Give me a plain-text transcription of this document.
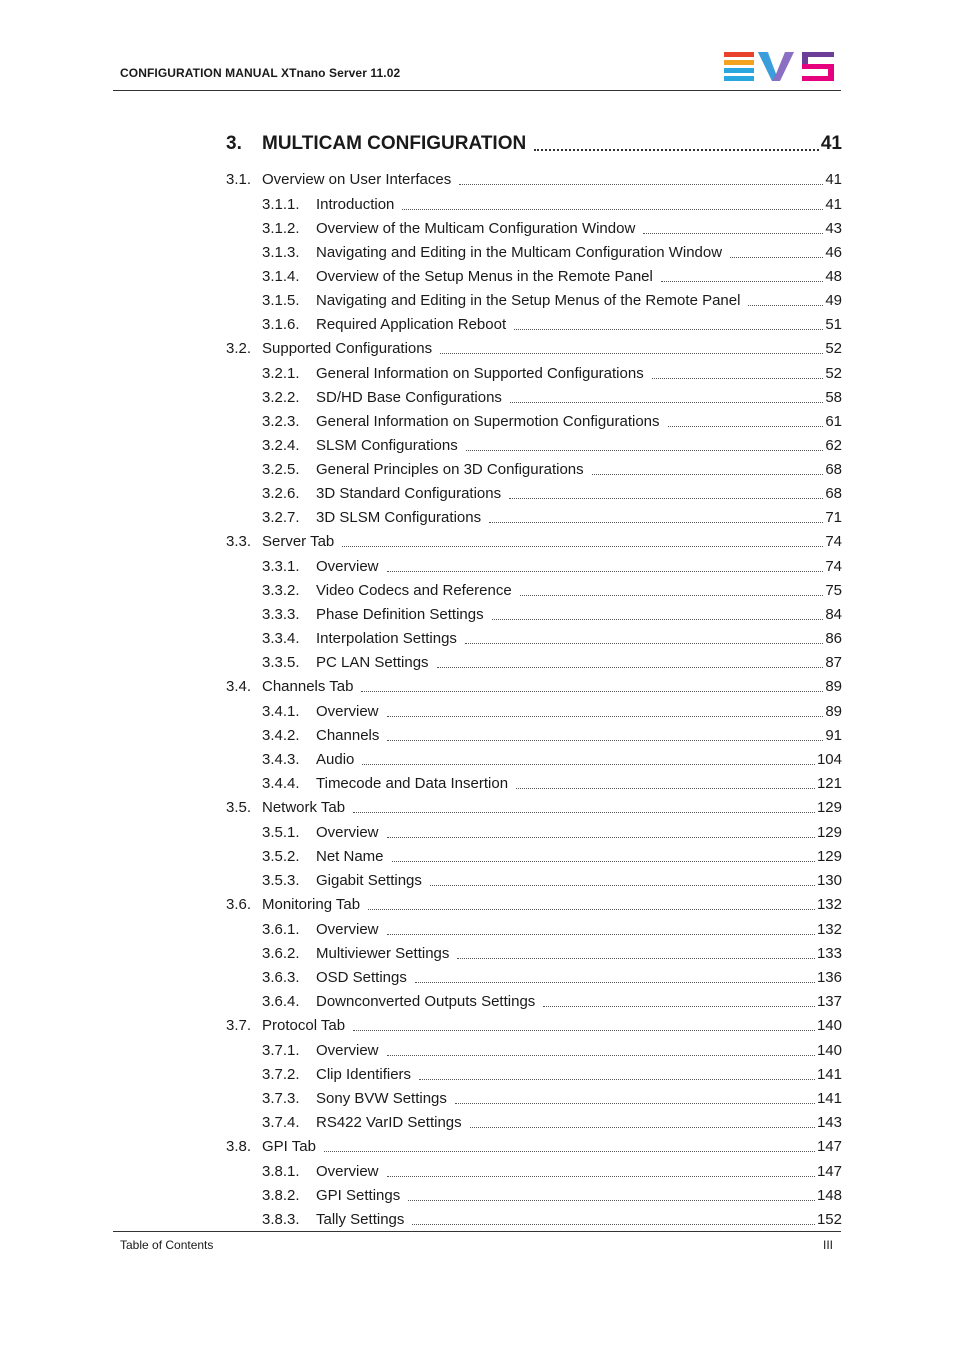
CONFIGURATION MANUAL XTnano Server 11.02
3.	MULTICAM CONFIGURATION	41
3.1. Overview on User Interfaces	41
3.1.1.	Introduction	41
3.1.2.	Overview of the Multicam Configuration Window	43
3.1.3.	Navigating and Editing in the Multicam Configuration Window	46
3.1.4.	Overview of the Setup Menus in the Remote Panel	48
3.1.5.	Navigating and Editing in the Setup Menus of the Remote Panel	49
3.1.6.	Required Application Reboot	51
3.2. Supported Configurations	52
3.2.1.	General Information on Supported Configurations	52
3.2.2.	SD/HD Base Configurations	58
3.2.3.	General Information on Supermotion Configurations	61
3.2.4.	SLSM Configurations	62
3.2.5.	General Principles on 3D Configurations	68
3.2.6.	3D Standard Configurations	68
3.2.7.	3D SLSM Configurations	71
3.3. Server Tab	74
3.3.1.	Overview	74
3.3.2.	Video Codecs and Reference	75
3.3.3.	Phase Definition Settings	84
3.3.4.	Interpolation Settings	86
3.3.5.	PC LAN Settings	87
3.4. Channels Tab	89
3.4.1.	Overview	89
3.4.2.	Channels	91
3.4.3.	Audio	104
3.4.4.	Timecode and Data Insertion	121
3.5. Network Tab	129
3.5.1.	Overview	129
3.5.2.	Net Name	129
3.5.3.	Gigabit Settings	130
3.6. Monitoring Tab	132
3.6.1.	Overview	132
3.6.2.	Multiviewer Settings	133
3.6.3.	OSD Settings	136
3.6.4.	Downconverted Outputs Settings	137
3.7. Protocol Tab	140
3.7.1.	Overview	140
3.7.2.	Clip Identifiers	141
3.7.3.	Sony BVW Settings	141
3.7.4.	RS422 VarID Settings	143
3.8. GPI Tab	147
3.8.1.	Overview	147
3.8.2.	GPI Settings	148
3.8.3.	Tally Settings	152
Table of Contents	III
